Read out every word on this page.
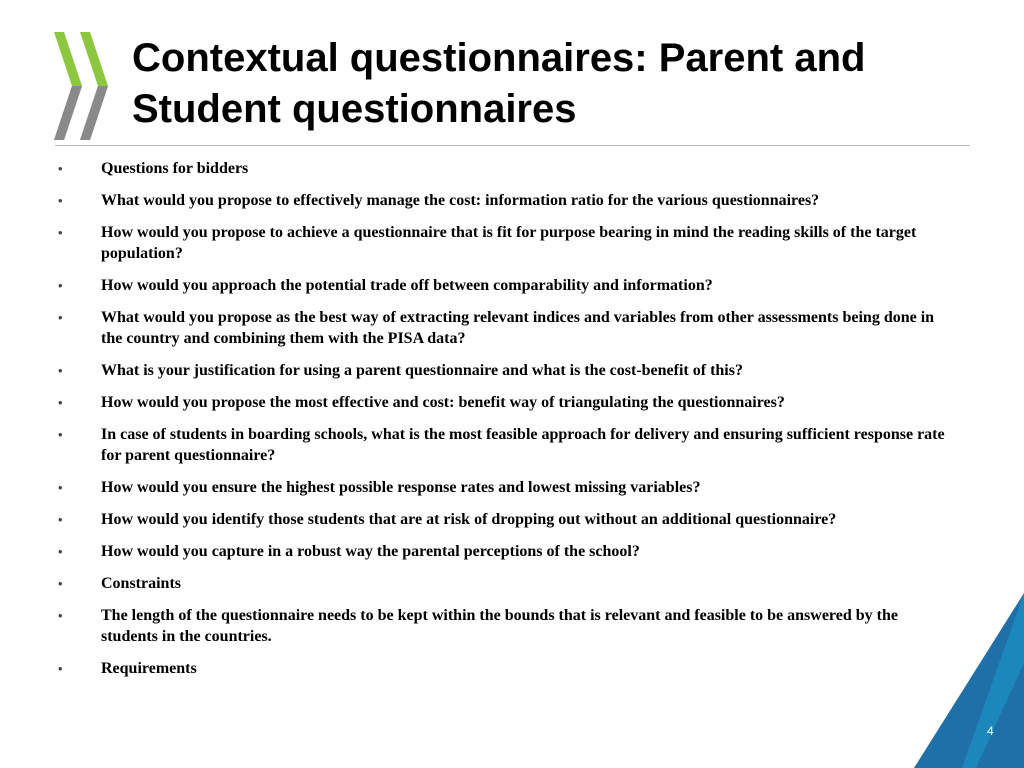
Contextual questionnaires: Parent and Student questionnaires
•	Questions for bidders
•	What would you propose to effectively manage the cost: information ratio for the various questionnaires?
•	How would you propose to achieve a questionnaire that is fit for purpose bearing in mind the reading skills of the target population?
•	How would you approach the potential trade off between comparability and information?
•	What would you propose as the best way of extracting relevant indices and variables from other assessments being done in the country and combining them with the PISA data?
•	What is your justification for using a parent questionnaire and what is the cost-benefit of this?
•	How would you propose the most effective and cost: benefit way of triangulating the questionnaires?
•	In case of students in boarding schools, what is the most feasible approach for delivery and ensuring sufficient response rate for parent questionnaire?
•	How would you ensure the highest possible response rates and lowest missing variables?
•	How would you identify those students that are at risk of dropping out without an additional questionnaire?
•	How would you capture in a robust way the parental perceptions of the school?
•	Constraints
•	The length of the questionnaire needs to be kept within the bounds that is relevant and feasible to be answered by the students in the countries.
•	Requirements
4
